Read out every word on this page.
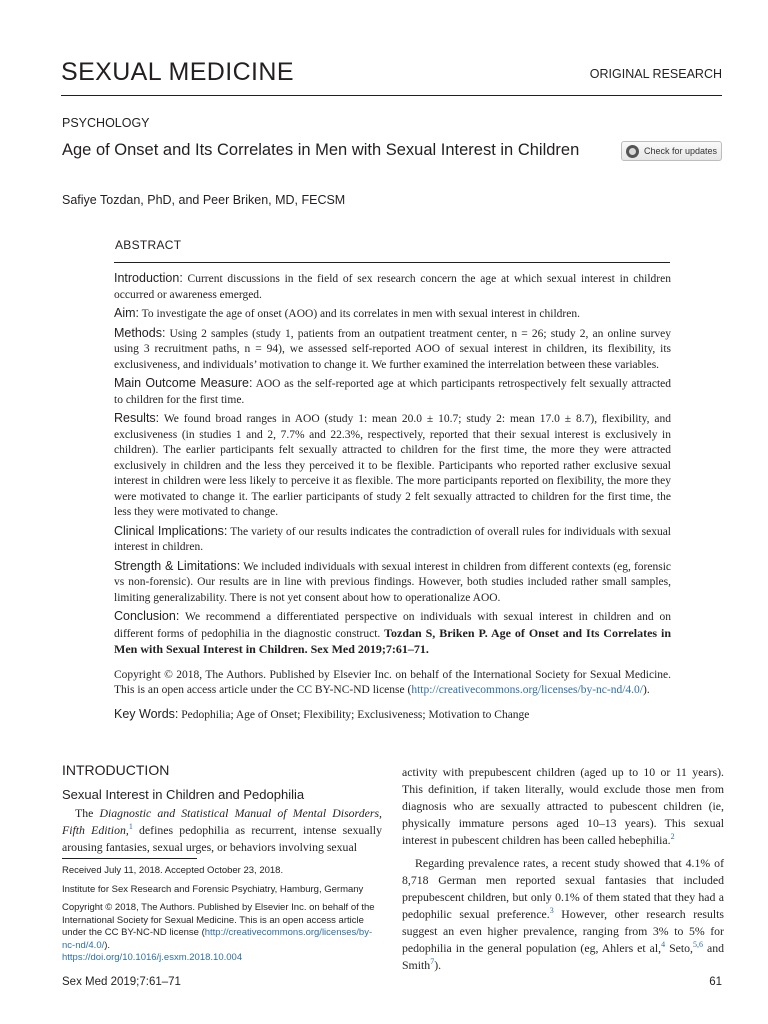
SEXUAL MEDICINE	ORIGINAL RESEARCH
PSYCHOLOGY
Age of Onset and Its Correlates in Men with Sexual Interest in Children	Check for updates
Safiye Tozdan, PhD, and Peer Briken, MD, FECSM
ABSTRACT

Introduction: Current discussions in the field of sex research concern the age at which sexual interest in children occurred or awareness emerged.

Aim: To investigate the age of onset (AOO) and its correlates in men with sexual interest in children.

Methods: Using 2 samples (study 1, patients from an outpatient treatment center, n = 26; study 2, an online survey using 3 recruitment paths, n = 94), we assessed self-reported AOO of sexual interest in children, its flexibility, its exclusiveness, and individuals’ motivation to change it. We further examined the interrelation between these variables.

Main Outcome Measure: AOO as the self-reported age at which participants retrospectively felt sexually attracted to children for the first time.

Results: We found broad ranges in AOO (study 1: mean 20.0 ± 10.7; study 2: mean 17.0 ± 8.7), flexibility, and exclusiveness (in studies 1 and 2, 7.7% and 22.3%, respectively, reported that their sexual interest is exclusively in children). The earlier participants felt sexually attracted to children for the first time, the more they were attracted exclusively in children and the less they perceived it to be flexible. Participants who reported rather exclusive sexual interest in children were less likely to perceive it as flexible. The more participants reported on flexibility, the more they were motivated to change it. The earlier participants of study 2 felt sexually attracted to children for the first time, the less they were motivated to change.

Clinical Implications: The variety of our results indicates the contradiction of overall rules for individuals with sexual interest in children.

Strength & Limitations: We included individuals with sexual interest in children from different contexts (eg, forensic vs non-forensic). Our results are in line with previous findings. However, both studies included rather small samples, limiting generalizability. There is not yet consent about how to operationalize AOO.

Conclusion: We recommend a differentiated perspective on individuals with sexual interest in children and on different forms of pedophilia in the diagnostic construct. Tozdan S, Briken P. Age of Onset and Its Correlates in Men with Sexual Interest in Children. Sex Med 2019;7:61–71.

Copyright © 2018, The Authors. Published by Elsevier Inc. on behalf of the International Society for Sexual Medicine. This is an open access article under the CC BY-NC-ND license (http://creativecommons.org/licenses/by-nc-nd/4.0/).

Key Words: Pedophilia; Age of Onset; Flexibility; Exclusiveness; Motivation to Change

INTRODUCTION
Sexual Interest in Children and Pedophilia

The Diagnostic and Statistical Manual of Mental Disorders, Fifth Edition,$^1$ defines pedophilia as recurrent, intense sexually arousing fantasies, sexual urges, or behaviors involving sexual

Received July 11, 2018. Accepted October 23, 2018.
Institute for Sex Research and Forensic Psychiatry, Hamburg, Germany
Copyright © 2018, The Authors. Published by Elsevier Inc. on behalf of the International Society for Sexual Medicine. This is an open access article under the CC BY-NC-ND license (http://creativecommons.org/licenses/by-nc-nd/4.0/).
https://doi.org/10.1016/j.esxm.2018.10.004

activity with prepubescent children (aged up to 10 or 11 years). This definition, if taken literally, would exclude those men from diagnosis who are sexually attracted to pubescent children (ie, physically immature persons aged 10–13 years). This sexual interest in pubescent children has been called hebephilia.$^2$

Regarding prevalence rates, a recent study showed that 4.1% of 8,718 German men reported sexual fantasies that included prepubescent children, but only 0.1% of them stated that they had a pedophilic sexual preference.$^3$ However, other research results suggest an even higher prevalence, ranging from 3% to 5% for pedophilia in the general population (eg, Ahlers et al,$^4$ Seto,$^{5,6}$ and Smith$^7$).

Sex Med 2019;7:61–71	61
